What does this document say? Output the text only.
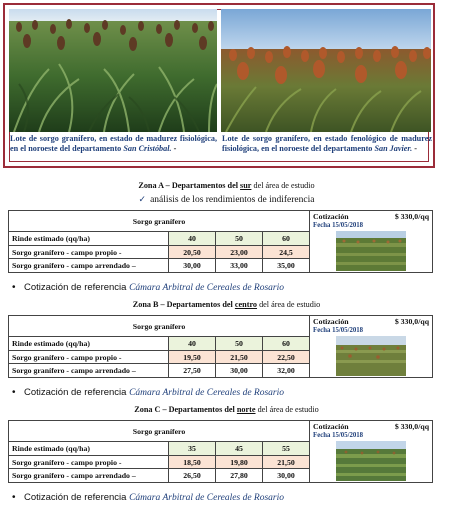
Lote de sorgo granífero, en estado de madurez fisiológica, en el noroeste del departamento San Cristóbal. -
Lote de sorgo granífero, en estado fenológico de madurez fisiológica, en el noroeste del departamento San Javier. -
Zona A – Departamentos del sur del área de estudio
✓ análisis de los rendimientos de indiferencia
Sorgo granífero				Cotización $ 330,0/qq
Fecha 15/05/2018

Rinde estimado (qq/ha)	40	50	60	
Sorgo granífero - campo propio -	20,50	23,00	24,5	
Sorgo granífero - campo arrendado –	30,00	33,00	35,00	
• Cotización de referencia Cámara Arbitral de Cereales de Rosario
Zona B – Departamentos del centro del área de estudio
Sorgo granífero				Cotización $ 330,0/qq
Fecha 15/05/2018

Rinde estimado (qq/ha)	40	50	60	
Sorgo granífero - campo propio -	19,50	21,50	22,50	
Sorgo granífero - campo arrendado –	27,50	30,00	32,00	
• Cotización de referencia Cámara Arbitral de Cereales de Rosario
Zona C – Departamentos del norte del área de estudio
Sorgo granífero				Cotización $ 330,0/qq
Fecha 15/05/2018

Rinde estimado (qq/ha)	35	45	55	
Sorgo granífero - campo propio -	18,50	19,80	21,50	
Sorgo granífero - campo arrendado –	26,50	27,80	30,00	
• Cotización de referencia Cámara Arbitral de Cereales de Rosario
